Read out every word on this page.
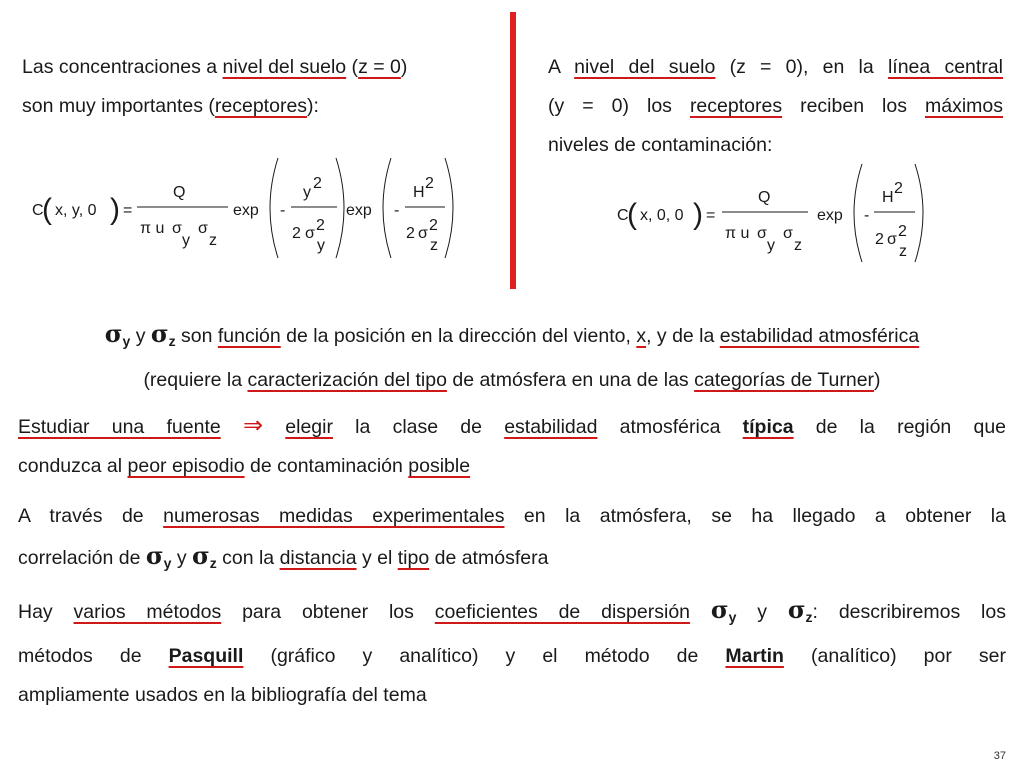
Las concentraciones a nivel del suelo (z = 0)
son muy importantes (receptores):
A nivel del suelo (z = 0), en la línea central
(y = 0) los receptores reciben los máximos
niveles de contaminación:
C
( x, y, 0 ) =
Q
π u σ
y
σ
z
exp -
y
2
2 σ 2
y
exp -
H
2
2 σ 2
z
C
( x, 0, 0 ) =
Q
π u σ
y
σ
z
exp -
H
2
2 σ 2
z
$\sigma_y$ y $\sigma_z$ son función de la posición en la dirección del viento, x, y de la estabilidad atmosférica
(requiere la caracterización del tipo de atmósfera en una de las categorías de Turner)
Estudiar una fuente ⇒ elegir la clase de estabilidad atmosférica típica de la región que
conduzca al peor episodio de contaminación posible
A través de numerosas medidas experimentales en la atmósfera, se ha llegado a obtener la
correlación de $\sigma_y$ y $\sigma_z$ con la distancia y el tipo de atmósfera
Hay varios métodos para obtener los coeficientes de dispersión $\sigma_y$ y $\sigma_z$: describiremos los
métodos de Pasquill (gráfico y analítico) y el método de Martin (analítico) por ser
ampliamente usados en la bibliografía del tema
37
